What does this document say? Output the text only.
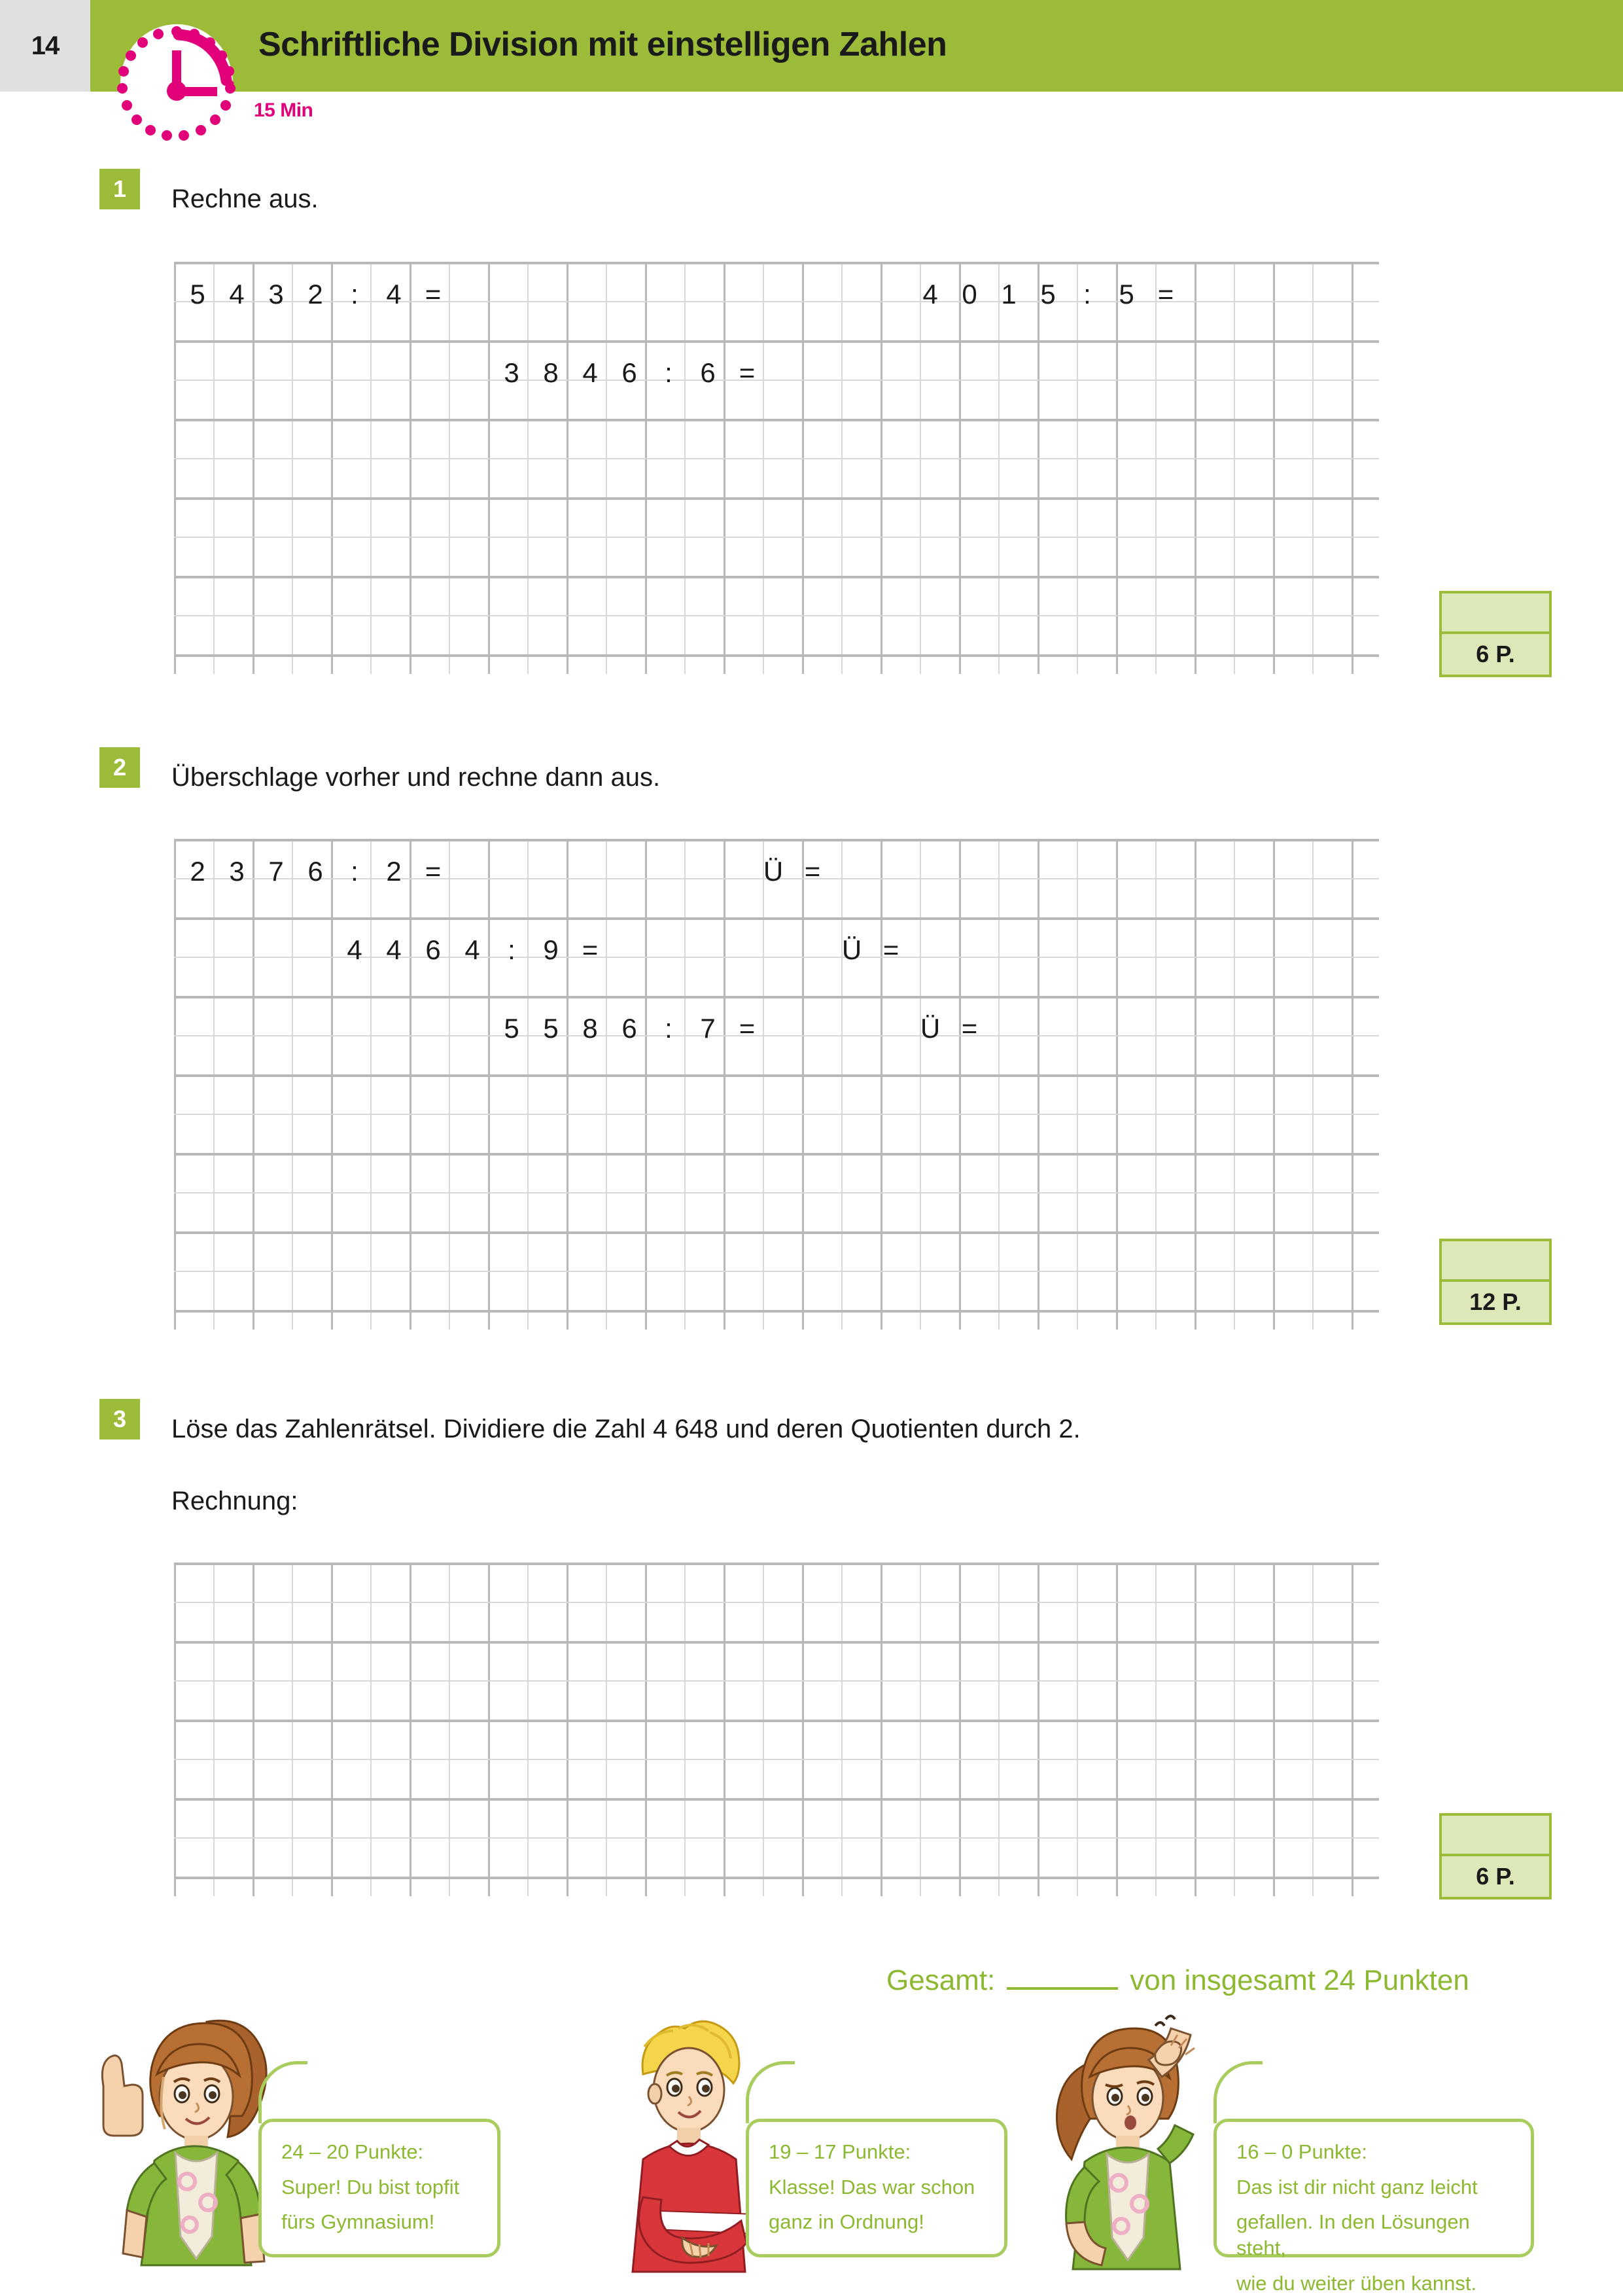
14	Schriftliche Division mit einstelligen Zahlen
15 Min
1	Rechne aus.
5 4 3 2	:	4 =	4 0 1 5	:	5 =
3 8 4 6	:	6 =
6 P.
2	Überschlage vorher und rechne dann aus.
2 3 7 6	:	2 =	Ü =
4 4 6 4	:	9 =	Ü =
5 5 8 6	:	7 =	Ü =
12 P.
3	Löse das Zahlenrätsel. Dividiere die Zahl 4 648 und deren Quotienten durch 2.
Rechnung:
6 P.
Gesamt:	von insgesamt 24 Punkten

24 – 20 Punkte:

Super! Du bist topfit

fürs Gymnasium!

19 – 17 Punkte:

Klasse! Das war schon

ganz in Ordnung!

16 – 0 Punkte:

Das ist dir nicht ganz leicht

gefallen. In den Lösungen steht,

wie du weiter üben kannst.
